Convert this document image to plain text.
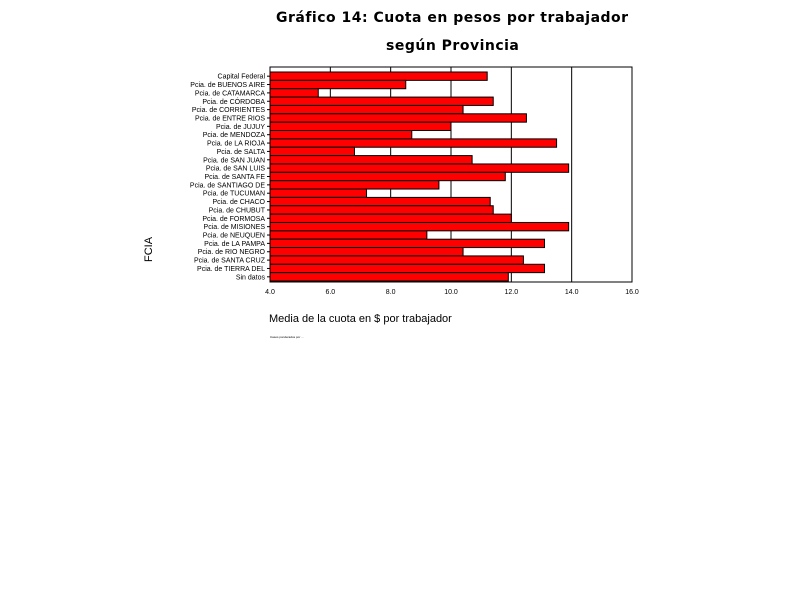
Gráfico 14: Cuota en pesos por trabajador
según Provincia
4.0	6.0	8.0	10.0	12.0	14.0	16.0
Capital Federal
Pcia. de BUENOS AIRE
Pcia. de CATAMARCA
Pcia. de CÓRDOBA
Pcia. de CORRIENTES
Pcia. de ENTRE RIOS
Pcia. de JUJUY
Pcia. de MENDOZA
Pcia. de LA RIOJA
Pcia. de SALTA
Pcia. de SAN JUAN
Pcia. de SAN LUIS
Pcia. de SANTA FE
Pcia. de SANTIAGO DE
Pcia. de TUCUMAN
Pcia. de CHACO
Pcia. de CHUBUT
Pcia. de FORMOSA
Pcia. de MISIONES
Pcia. de NEUQUEN
Pcia. de LA PAMPA
Pcia. de RIO NEGRO
Pcia. de SANTA CRUZ
Pcia. de TIERRA DEL
Sin datos
Media de la cuota en $ por trabajador
FCIA
Casos ponderados por ...
